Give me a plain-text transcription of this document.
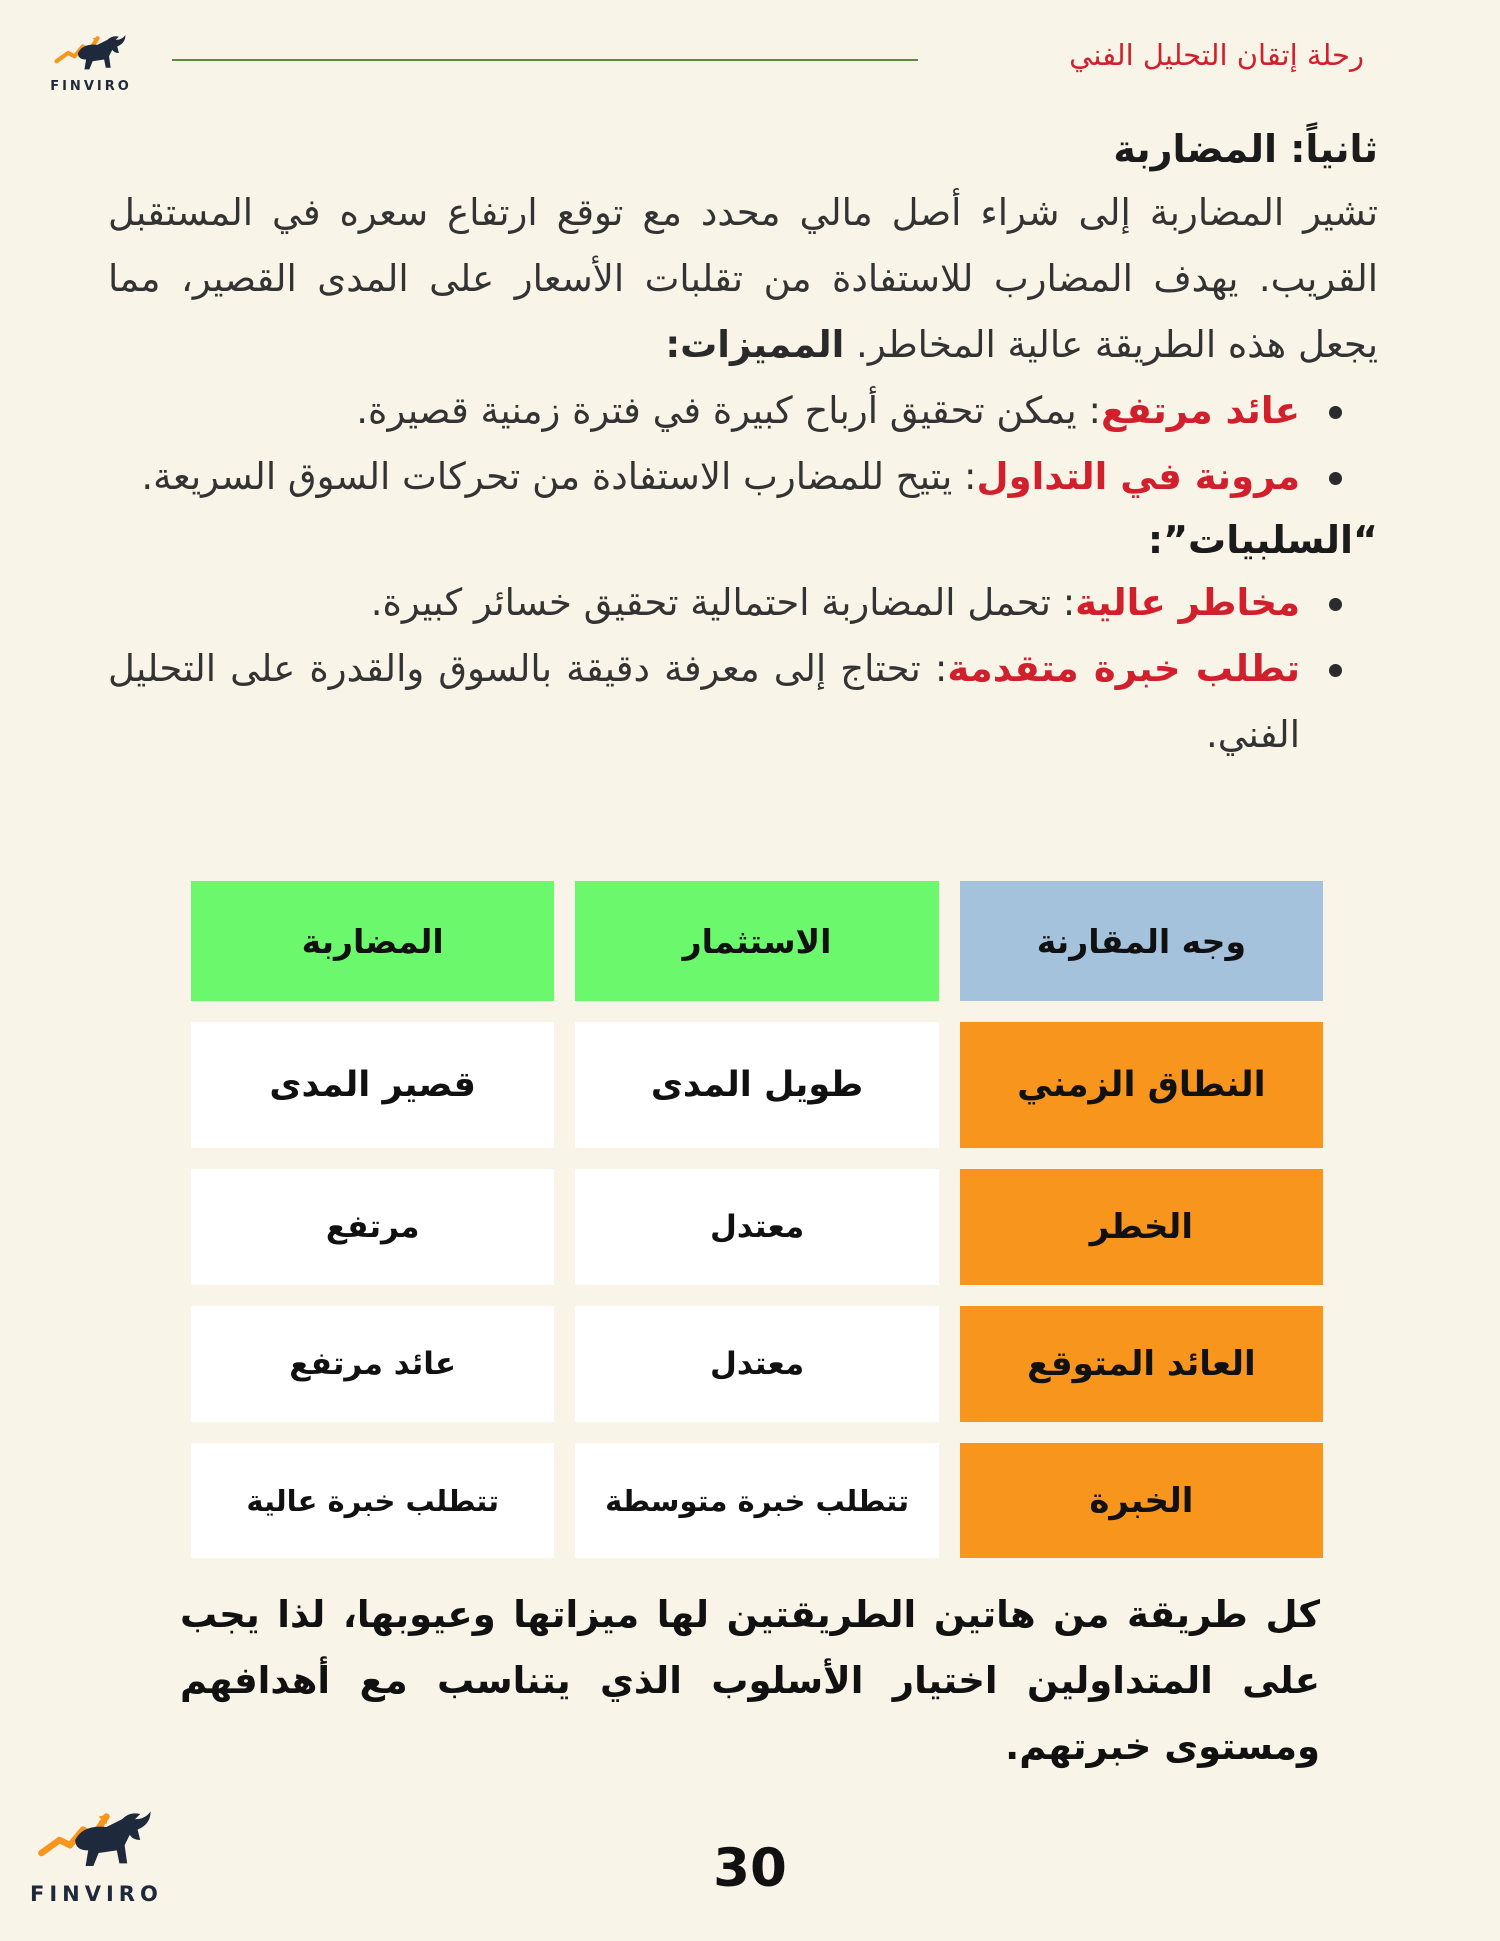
FINVIRO
رحلة إتقان التحليل الفني
ثانياً: المضاربة

تشير المضاربة إلى شراء أصل مالي محدد مع توقع ارتفاع سعره في المستقبل القريب. يهدف المضارب للاستفادة من تقلبات الأسعار على المدى القصير، مما يجعل هذه الطريقة عالية المخاطر. المميزات:

عائد مرتفع: يمكن تحقيق أرباح كبيرة في فترة زمنية قصيرة.
مرونة في التداول: يتيح للمضارب الاستفادة من تحركات السوق السريعة.

“السلبيات”:

مخاطر عالية: تحمل المضاربة احتمالية تحقيق خسائر كبيرة.
تطلب خبرة متقدمة: تحتاج إلى معرفة دقيقة بالسوق والقدرة على التحليل الفني.
وجه المقارنة	الاستثمار	المضاربة
النطاق الزمني	طويل المدى	قصير المدى
الخطر	معتدل	مرتفع
العائد المتوقع	معتدل	عائد مرتفع
الخبرة	تتطلب خبرة متوسطة	تتطلب خبرة عالية

كل طريقة من هاتين الطريقتين لها ميزاتها وعيوبها، لذا يجب على المتداولين اختيار الأسلوب الذي يتناسب مع أهدافهم ومستوى خبرتهم.

FINVIRO	30
